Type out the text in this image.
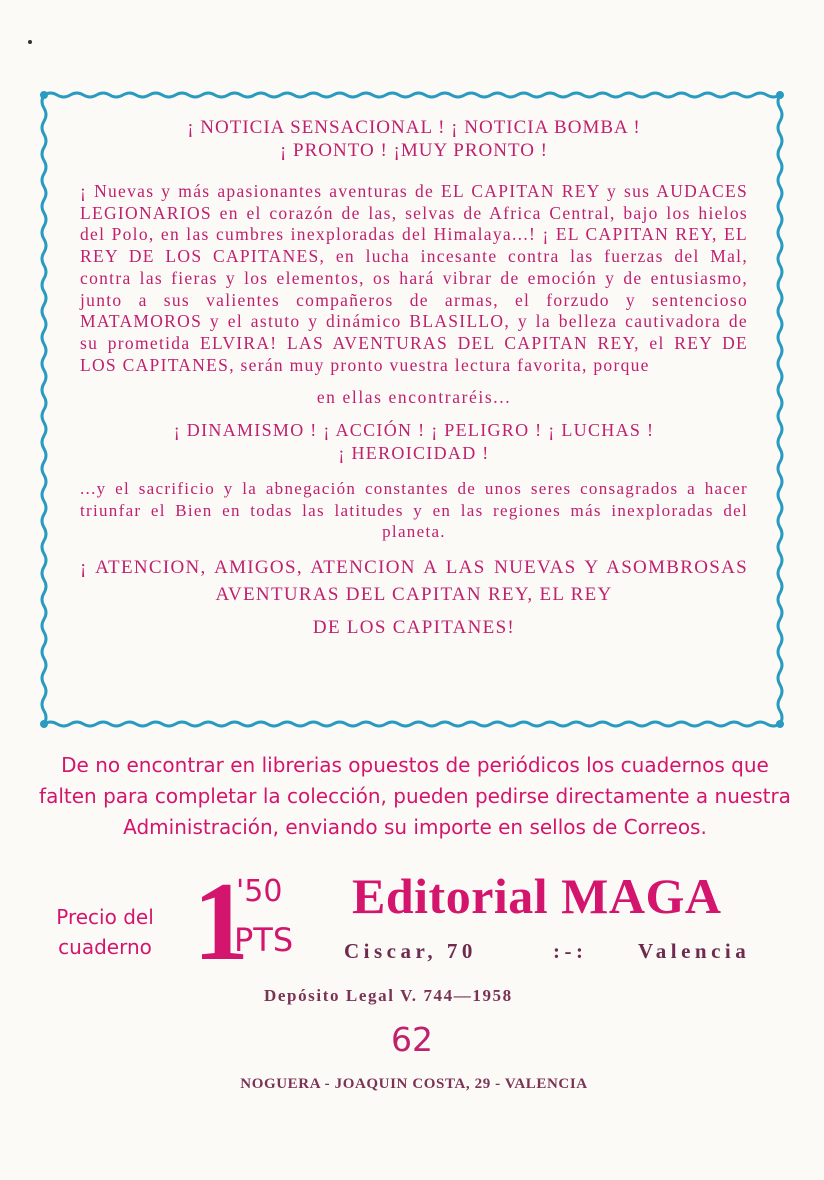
¡ NOTICIA SENSACIONAL ! ¡ NOTICIA BOMBA !

¡ PRONTO ! ¡MUY PRONTO !

¡ Nuevas y más apasionantes aventuras de EL CAPITAN REY y sus AUDACES LEGIONARIOS en el corazón de las, selvas de Africa Central, bajo los hielos del Polo, en las cumbres inexploradas del Himalaya...! ¡ EL CAPITAN REY, EL REY DE LOS CAPITANES, en lucha incesante contra las fuerzas del Mal, contra las fieras y los elementos, os hará vibrar de emoción y de entusiasmo, junto a sus valientes compañeros de armas, el forzudo y sentencioso MATAMOROS y el astuto y dinámico BLASILLO, y la belleza cautivadora de su prometida ELVIRA! LAS AVENTURAS DEL CAPITAN REY, el REY DE LOS CAPITANES, serán muy pronto vuestra lectura favorita, porque

en ellas encontraréis...

¡ DINAMISMO ! ¡ ACCIÓN ! ¡ PELIGRO ! ¡ LUCHAS !

¡ HEROICIDAD !

...y el sacrificio y la abnegación constantes de unos seres consagrados a hacer triunfar el Bien en todas las latitudes y en las regiones más inexploradas del planeta.

¡ ATENCION, AMIGOS, ATENCION A LAS NUEVAS Y ASOMBROSAS AVENTURAS DEL CAPITAN REY, EL REY

DE LOS CAPITANES!

De no encontrar en librerias opuestos de periódicos los cuadernos que falten para completar la colección, pueden pedirse directamente a nuestra Administración, enviando su importe en sellos de Correos.

Precio del
cuaderno 1
'50
PTS
Editorial MAGA
Ciscar, 70	:-: Valencia
Depósito Legal V. 744—1958
62
NOGUERA - JOAQUIN COSTA, 29 - VALENCIA
